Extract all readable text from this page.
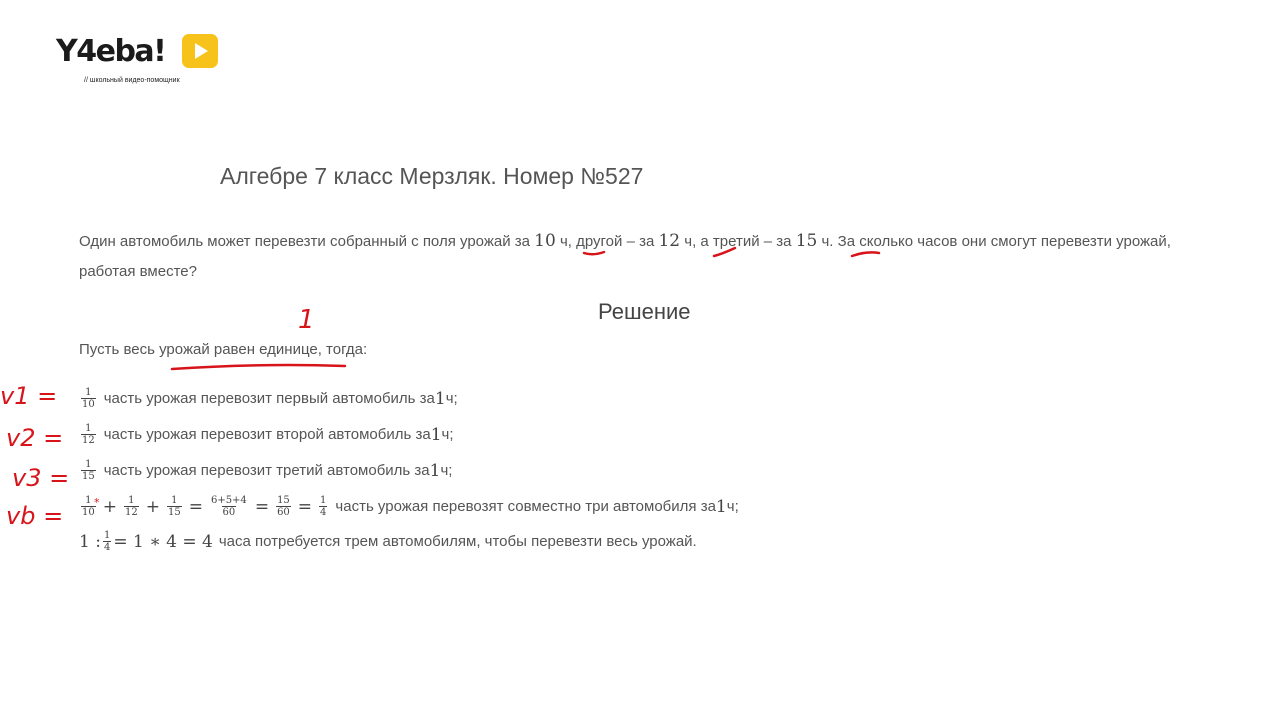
Y4eba!
// школьный видео-помощник
Алгебре 7 класс Мерзляк. Номер №527
Один автомобиль может перевезти собранный с поля урожай за 10 ч, другой – за 12 ч, а третий – за 15 ч. За сколько часов они смогут перевезти урожай, работая вместе?
Решение
Пусть весь урожай равен единице, тогда:
$\frac{1}{10}$ часть урожая перевозит первый автомобиль за 1 ч;
$\frac{1}{12}$ часть урожая перевозит второй автомобиль за 1 ч;
$\frac{1}{15}$ часть урожая перевозит третий автомобиль за 1 ч;
$\frac{1}{10} + \frac{1}{12} + \frac{1}{15} = \frac{6+5+4}{60} = \frac{15}{60} = \frac{1}{4}$ часть урожая перевозят совместно три автомобиля за 1 ч;
1 : $\frac{1}{4} = 1$ ∗ 4 = 4 часа потребуется трем автомобилям, чтобы перевезти весь урожай.
1
v1 =
v2 =
v3 =
vb =	*
